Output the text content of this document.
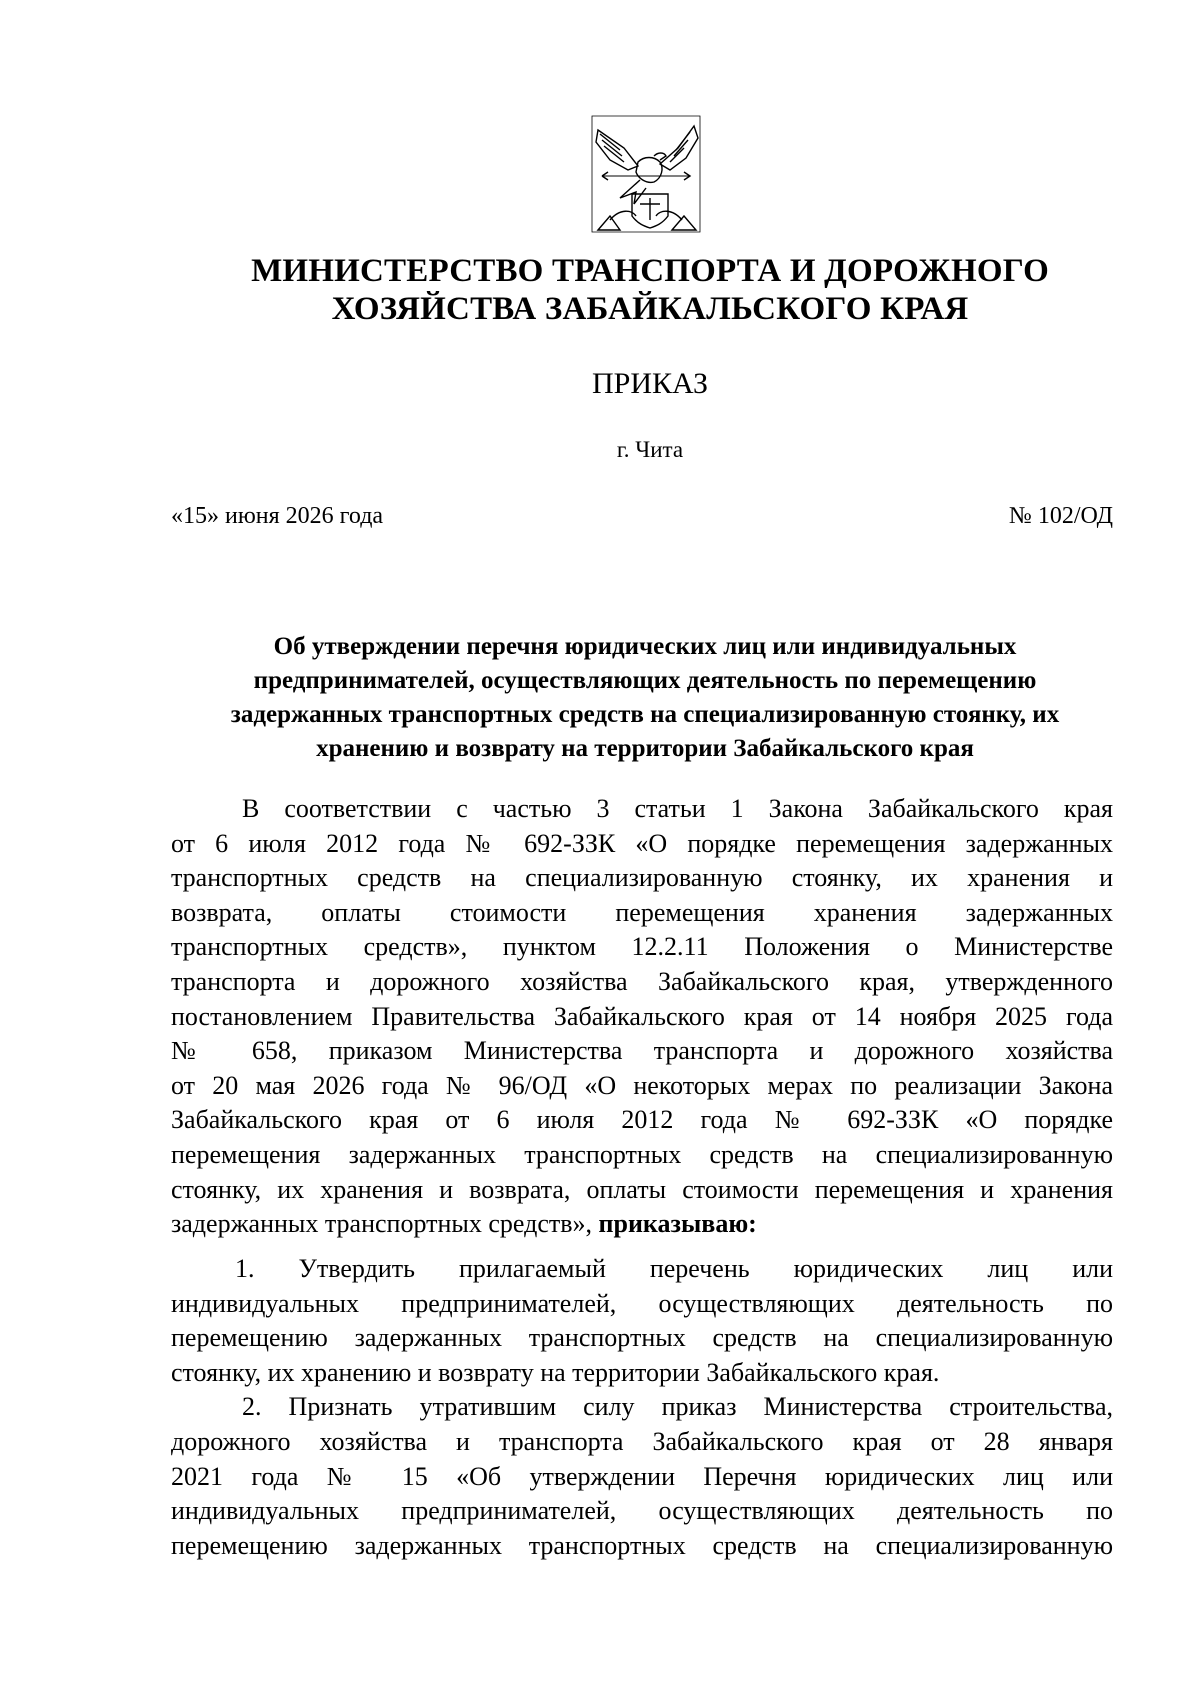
МИНИСТЕРСТВО ТРАНСПОРТА И ДОРОЖНОГО
ХОЗЯЙСТВА ЗАБАЙКАЛЬСКОГО КРАЯ
ПРИКАЗ
г. Чита
«15» июня 2026 года	№ 102/ОД
Об утверждении перечня юридических лиц или индивидуальных
предпринимателей, осуществляющих деятельность по перемещению
задержанных транспортных средств на специализированную стоянку, их
хранению и возврату на территории Забайкальского края
В соответствии с частью 3 статьи 1 Закона Забайкальского края
от 6 июля 2012 года № 692-ЗЗК «О порядке перемещения задержанных
транспортных средств на специализированную стоянку, их хранения и
возврата, оплаты стоимости перемещения хранения задержанных
транспортных средств», пунктом 12.2.11 Положения о Министерстве
транспорта и дорожного хозяйства Забайкальского края, утвержденного
постановлением Правительства Забайкальского края от 14 ноября 2025 года
№ 658, приказом Министерства транспорта и дорожного хозяйства
от 20 мая 2026 года № 96/ОД «О некоторых мерах по реализации Закона
Забайкальского края от 6 июля 2012 года № 692-ЗЗК «О порядке
перемещения задержанных транспортных средств на специализированную
стоянку, их хранения и возврата, оплаты стоимости перемещения и хранения
задержанных транспортных средств», приказываю:
1. Утвердить прилагаемый перечень юридических лиц или
индивидуальных предпринимателей, осуществляющих деятельность по
перемещению задержанных транспортных средств на специализированную
стоянку, их хранению и возврату на территории Забайкальского края.
2. Признать утратившим силу приказ Министерства строительства,
дорожного хозяйства и транспорта Забайкальского края от 28 января
2021 года № 15 «Об утверждении Перечня юридических лиц или
индивидуальных предпринимателей, осуществляющих деятельность по
перемещению задержанных транспортных средств на специализированную
